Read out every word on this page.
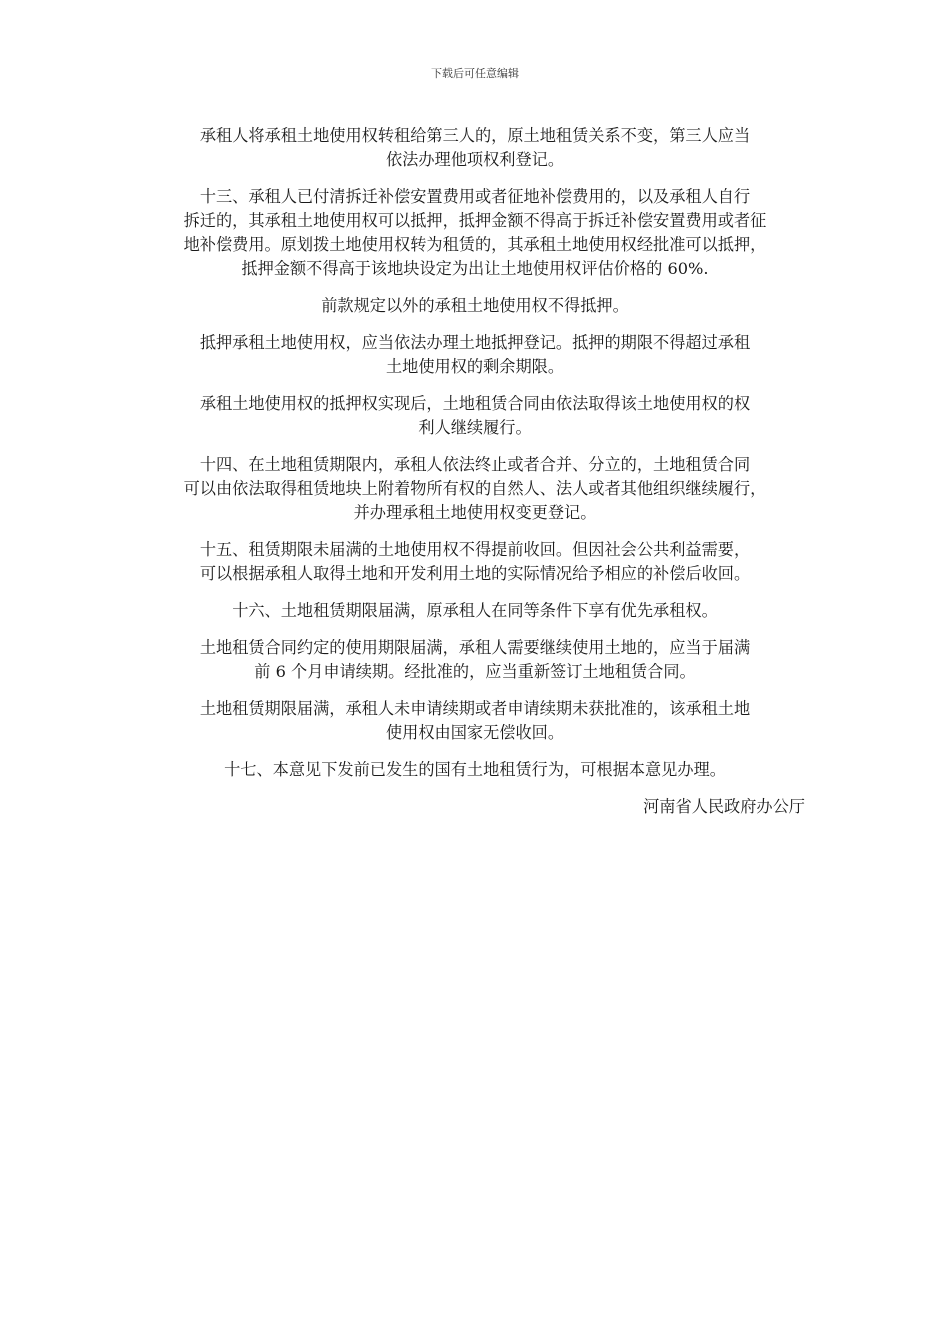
下载后可任意编辑

承租人将承租土地使用权转租给第三人的，原土地租赁关系不变，第三人应当
依法办理他项权利登记。

十三、承租人已付清拆迁补偿安置费用或者征地补偿费用的，以及承租人自行
拆迁的，其承租土地使用权可以抵押，抵押金额不得高于拆迁补偿安置费用或者征
地补偿费用。原划拨土地使用权转为租赁的，其承租土地使用权经批准可以抵押，
抵押金额不得高于该地块设定为出让土地使用权评估价格的 60%.

前款规定以外的承租土地使用权不得抵押。

抵押承租土地使用权，应当依法办理土地抵押登记。抵押的期限不得超过承租
土地使用权的剩余期限。

承租土地使用权的抵押权实现后，土地租赁合同由依法取得该土地使用权的权
利人继续履行。

十四、在土地租赁期限内，承租人依法终止或者合并、分立的，土地租赁合同
可以由依法取得租赁地块上附着物所有权的自然人、法人或者其他组织继续履行，
并办理承租土地使用权变更登记。

十五、租赁期限未届满的土地使用权不得提前收回。但因社会公共利益需要，
可以根据承租人取得土地和开发利用土地的实际情况给予相应的补偿后收回。

十六、土地租赁期限届满，原承租人在同等条件下享有优先承租权。

土地租赁合同约定的使用期限届满，承租人需要继续使用土地的，应当于届满
前 6 个月申请续期。经批准的，应当重新签订土地租赁合同。

土地租赁期限届满，承租人未申请续期或者申请续期未获批准的，该承租土地
使用权由国家无偿收回。

十七、本意见下发前已发生的国有土地租赁行为，可根据本意见办理。

河南省人民政府办公厅
